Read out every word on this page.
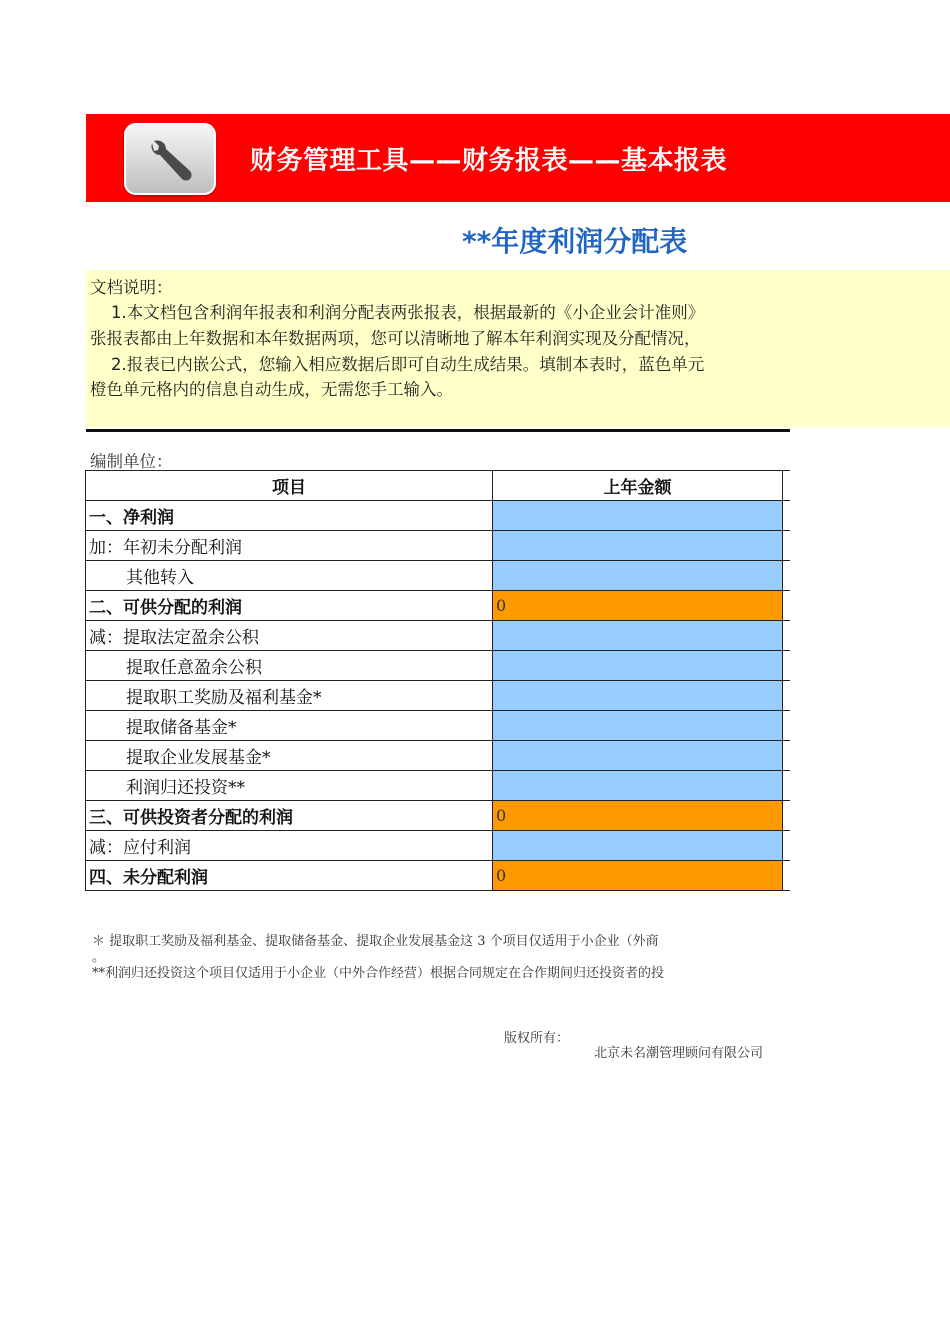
财务管理工具——财务报表——基本报表
**年度利润分配表
文档说明：
1.本文档包含利润年报表和利润分配表两张报表，根据最新的《小企业会计准则》
张报表都由上年数据和本年数据两项，您可以清晰地了解本年利润实现及分配情况，
2.报表已内嵌公式，您输入相应数据后即可自动生成结果。填制本表时，蓝色单元
橙色单元格内的信息自动生成，无需您手工输入。
编制单位：
项目	上年金额	
一、净利润		
加：年初未分配利润		
其他转入		
二、可供分配的利润	0	
减：提取法定盈余公积		
提取任意盈余公积		
提取职工奖励及福利基金*		
提取储备基金*		
提取企业发展基金*		
利润归还投资**		
三、可供投资者分配的利润	0	
减：应付利润		
四、未分配利润	0	
＊ 提取职工奖励及福利基金、提取储备基金、提取企业发展基金这 3 个项目仅适用于小企业（外商
。
**利润归还投资这个项目仅适用于小企业（中外合作经营）根据合同规定在合作期间归还投资者的投
版权所有：
北京未名潮管理顾问有限公司
